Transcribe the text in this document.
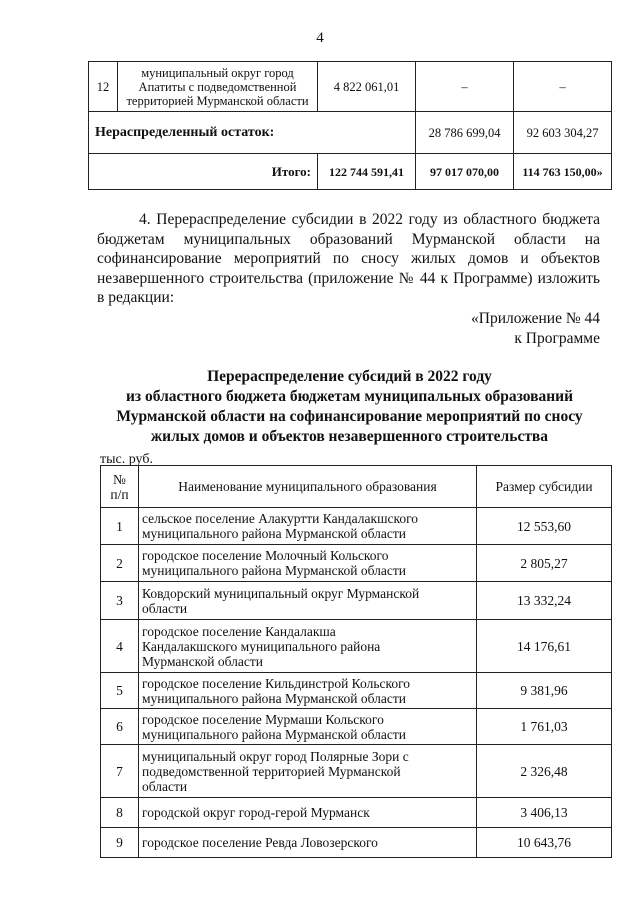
4
12	муниципальный округ город
Апатиты с подведомственной
территорией Мурманской области	4 822 061,01	–	–
Нераспределенный остаток:			28 786 699,04	92 603 304,27
Итого:		122 744 591,41	97 017 070,00	114 763 150,00»

4. Перераспределение субсидии в 2022 году из областного бюджета бюджетам муниципальных образований Мурманской области на софинансирование мероприятий по сносу жилых домов и объектов незавершенного строительства (приложение № 44 к Программе) изложить в редакции:

«Приложение № 44
к Программе
Перераспределение субсидий в 2022 году
из областного бюджета бюджетам муниципальных образований
Мурманской области на софинансирование мероприятий по сносу
жилых домов и объектов незавершенного строительства
тыс. руб.
№
п/п	Наименование муниципального образования	Размер субсидии
1	сельское поселение Алакуртти Кандалакшского
муниципального района Мурманской области	12 553,60
2	городское поселение Молочный Кольского
муниципального района Мурманской области	2 805,27
3	Ковдорский муниципальный округ Мурманской
области	13 332,24
4	городское поселение Кандалакша
Кандалакшского муниципального района
Мурманской области	14 176,61
5	городское поселение Кильдинстрой Кольского
муниципального района Мурманской области	9 381,96
6	городское поселение Мурмаши Кольского
муниципального района Мурманской области	1 761,03
7	муниципальный округ город Полярные Зори с
подведомственной территорией Мурманской
области	2 326,48
8	городской округ город-герой Мурманск	3 406,13
9	городское поселение Ревда Ловозерского	10 643,76
